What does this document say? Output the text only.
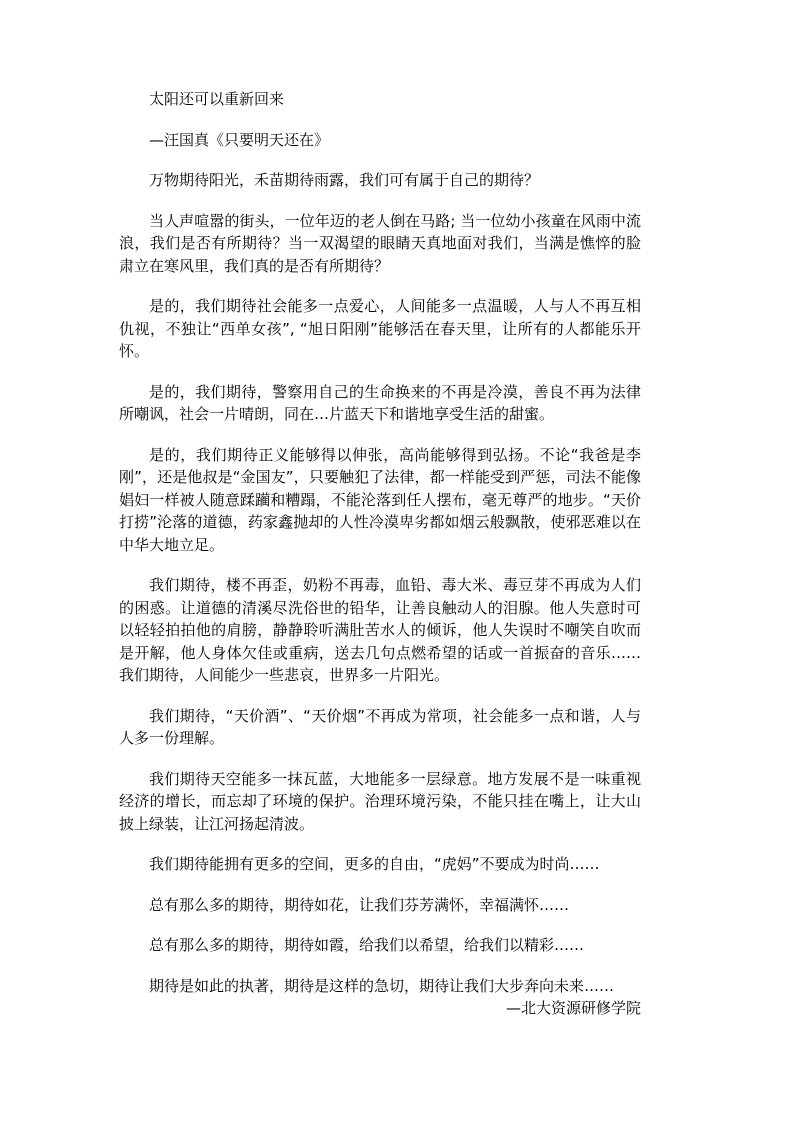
太阳还可以重新回来

—汪国真《只要明天还在》

万物期待阳光，禾苗期待雨露，我们可有属于自己的期待？

当人声喧嚣的街头，一位年迈的老人倒在马路; 当一位幼小孩童在风雨中流浪，我们是否有所期待？当一双渴望的眼睛天真地面对我们，当满是憔悴的脸肃立在寒风里，我们真的是否有所期待？

是的，我们期待社会能多一点爱心，人间能多一点温暖，人与人不再互相仇视，不独让“西单女孩”, “旭日阳刚”能够活在春天里，让所有的人都能乐开怀。

是的，我们期待，警察用自己的生命换来的不再是冷漠，善良不再为法律所嘲讽，社会一片晴朗，同在…片蓝天下和谐地享受生活的甜蜜。

是的，我们期待正义能够得以伸张，高尚能够得到弘扬。不论“我爸是李刚”，还是他叔是“金国友”，只要触犯了法律，都一样能受到严惩，司法不能像娼妇一样被人随意蹂躏和糟蹋，不能沦落到任人摆布，毫无尊严的地步。“天价打捞”沦落的道德，药家鑫抛却的人性冷漠卑劣都如烟云般飘散，使邪恶难以在中华大地立足。

我们期待，楼不再歪，奶粉不再毒，血铅、毒大米、毒豆芽不再成为人们的困惑。让道德的清溪尽洗俗世的铅华，让善良触动人的泪腺。他人失意时可以轻轻拍拍他的肩膀，静静聆听满肚苦水人的倾诉，他人失误时不嘲笑自吹而是开解，他人身体欠佳或重病，送去几句点燃希望的话或一首振奋的音乐……我们期待，人间能少一些悲哀，世界多一片阳光。

我们期待，“天价酒”、“天价烟”不再成为常项，社会能多一点和谐，人与人多一份理解。

我们期待天空能多一抹瓦蓝，大地能多一层绿意。地方发展不是一味重视经济的增长，而忘却了环境的保护。治理环境污染，不能只挂在嘴上，让大山披上绿装，让江河扬起清波。

我们期待能拥有更多的空间，更多的自由，“虎妈”不要成为时尚……

总有那么多的期待，期待如花，让我们芬芳满怀，幸福满怀……

总有那么多的期待，期待如霞，给我们以希望，给我们以精彩……

期待是如此的执著，期待是这样的急切，期待让我们大步奔向未来……

—北大资源研修学院
